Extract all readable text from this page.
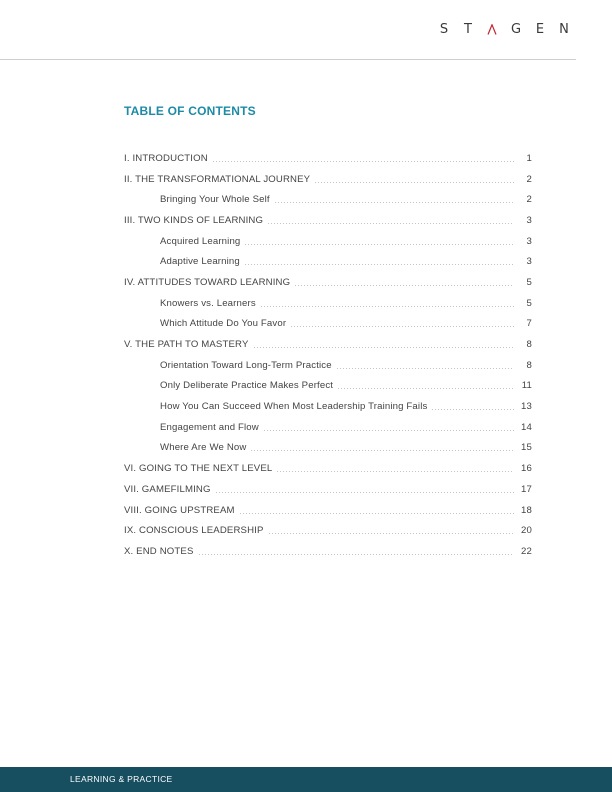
S	T	G	E	N
TABLE OF CONTENTS
I. INTRODUCTION	1
II. THE TRANSFORMATIONAL JOURNEY	2
Bringing Your Whole Self	2
III. TWO KINDS OF LEARNING	3
Acquired Learning	3
Adaptive Learning	3
IV. ATTITUDES TOWARD LEARNING	5
Knowers vs. Learners	5
Which Attitude Do You Favor	7
V. THE PATH TO MASTERY	8
Orientation Toward Long-Term Practice	8
Only Deliberate Practice Makes Perfect	11
How You Can Succeed When Most Leadership Training Fails	13
Engagement and Flow	14
Where Are We Now	15
VI. GOING TO THE NEXT LEVEL	16
VII. GAMEFILMING	17
VIII. GOING UPSTREAM	18
IX. CONSCIOUS LEADERSHIP	20
X. END NOTES	22
LEARNING & PRACTICE
